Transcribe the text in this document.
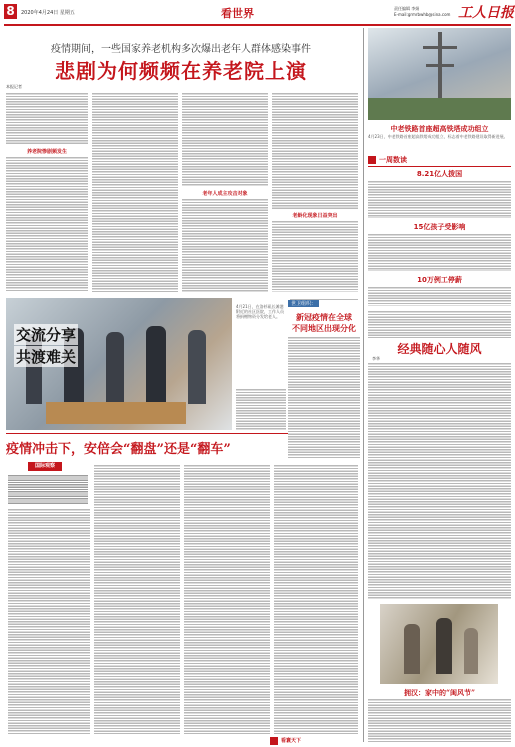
8	2020年4月24日 星期五	看世界	责任编辑 李娟
E-mail:grmrbwhb@sina.com 工人日报
疫情期间，一些国家养老机构多次爆出老年人群体感染事件
悲剧为何频频在养老院上演
养老院惨剧频发生
老年人成主攻击对象
老龄化现象日益突出
本报记者
交流分享
共渡难关
4月21日，在洛杉矶长滩港附近的社区医院，工作人员将捐赠物资分发给老人。
疫情冲击下，安倍会“翻盘”还是“翻车”
国际观察
看寰天下
中老铁路首座超高铁塔成功组立
4月23日，中老铁路首座超高铁塔成功组立，标志着中老铁路建设取得新进展。
一周数读
8.21亿人拨国
15亿孩子受影响
10万例工停薪
经典随心人随风
李华
拥汉：家中的“闺风节”
世卫组织：
新冠疫情在全球
不同地区出现分化
